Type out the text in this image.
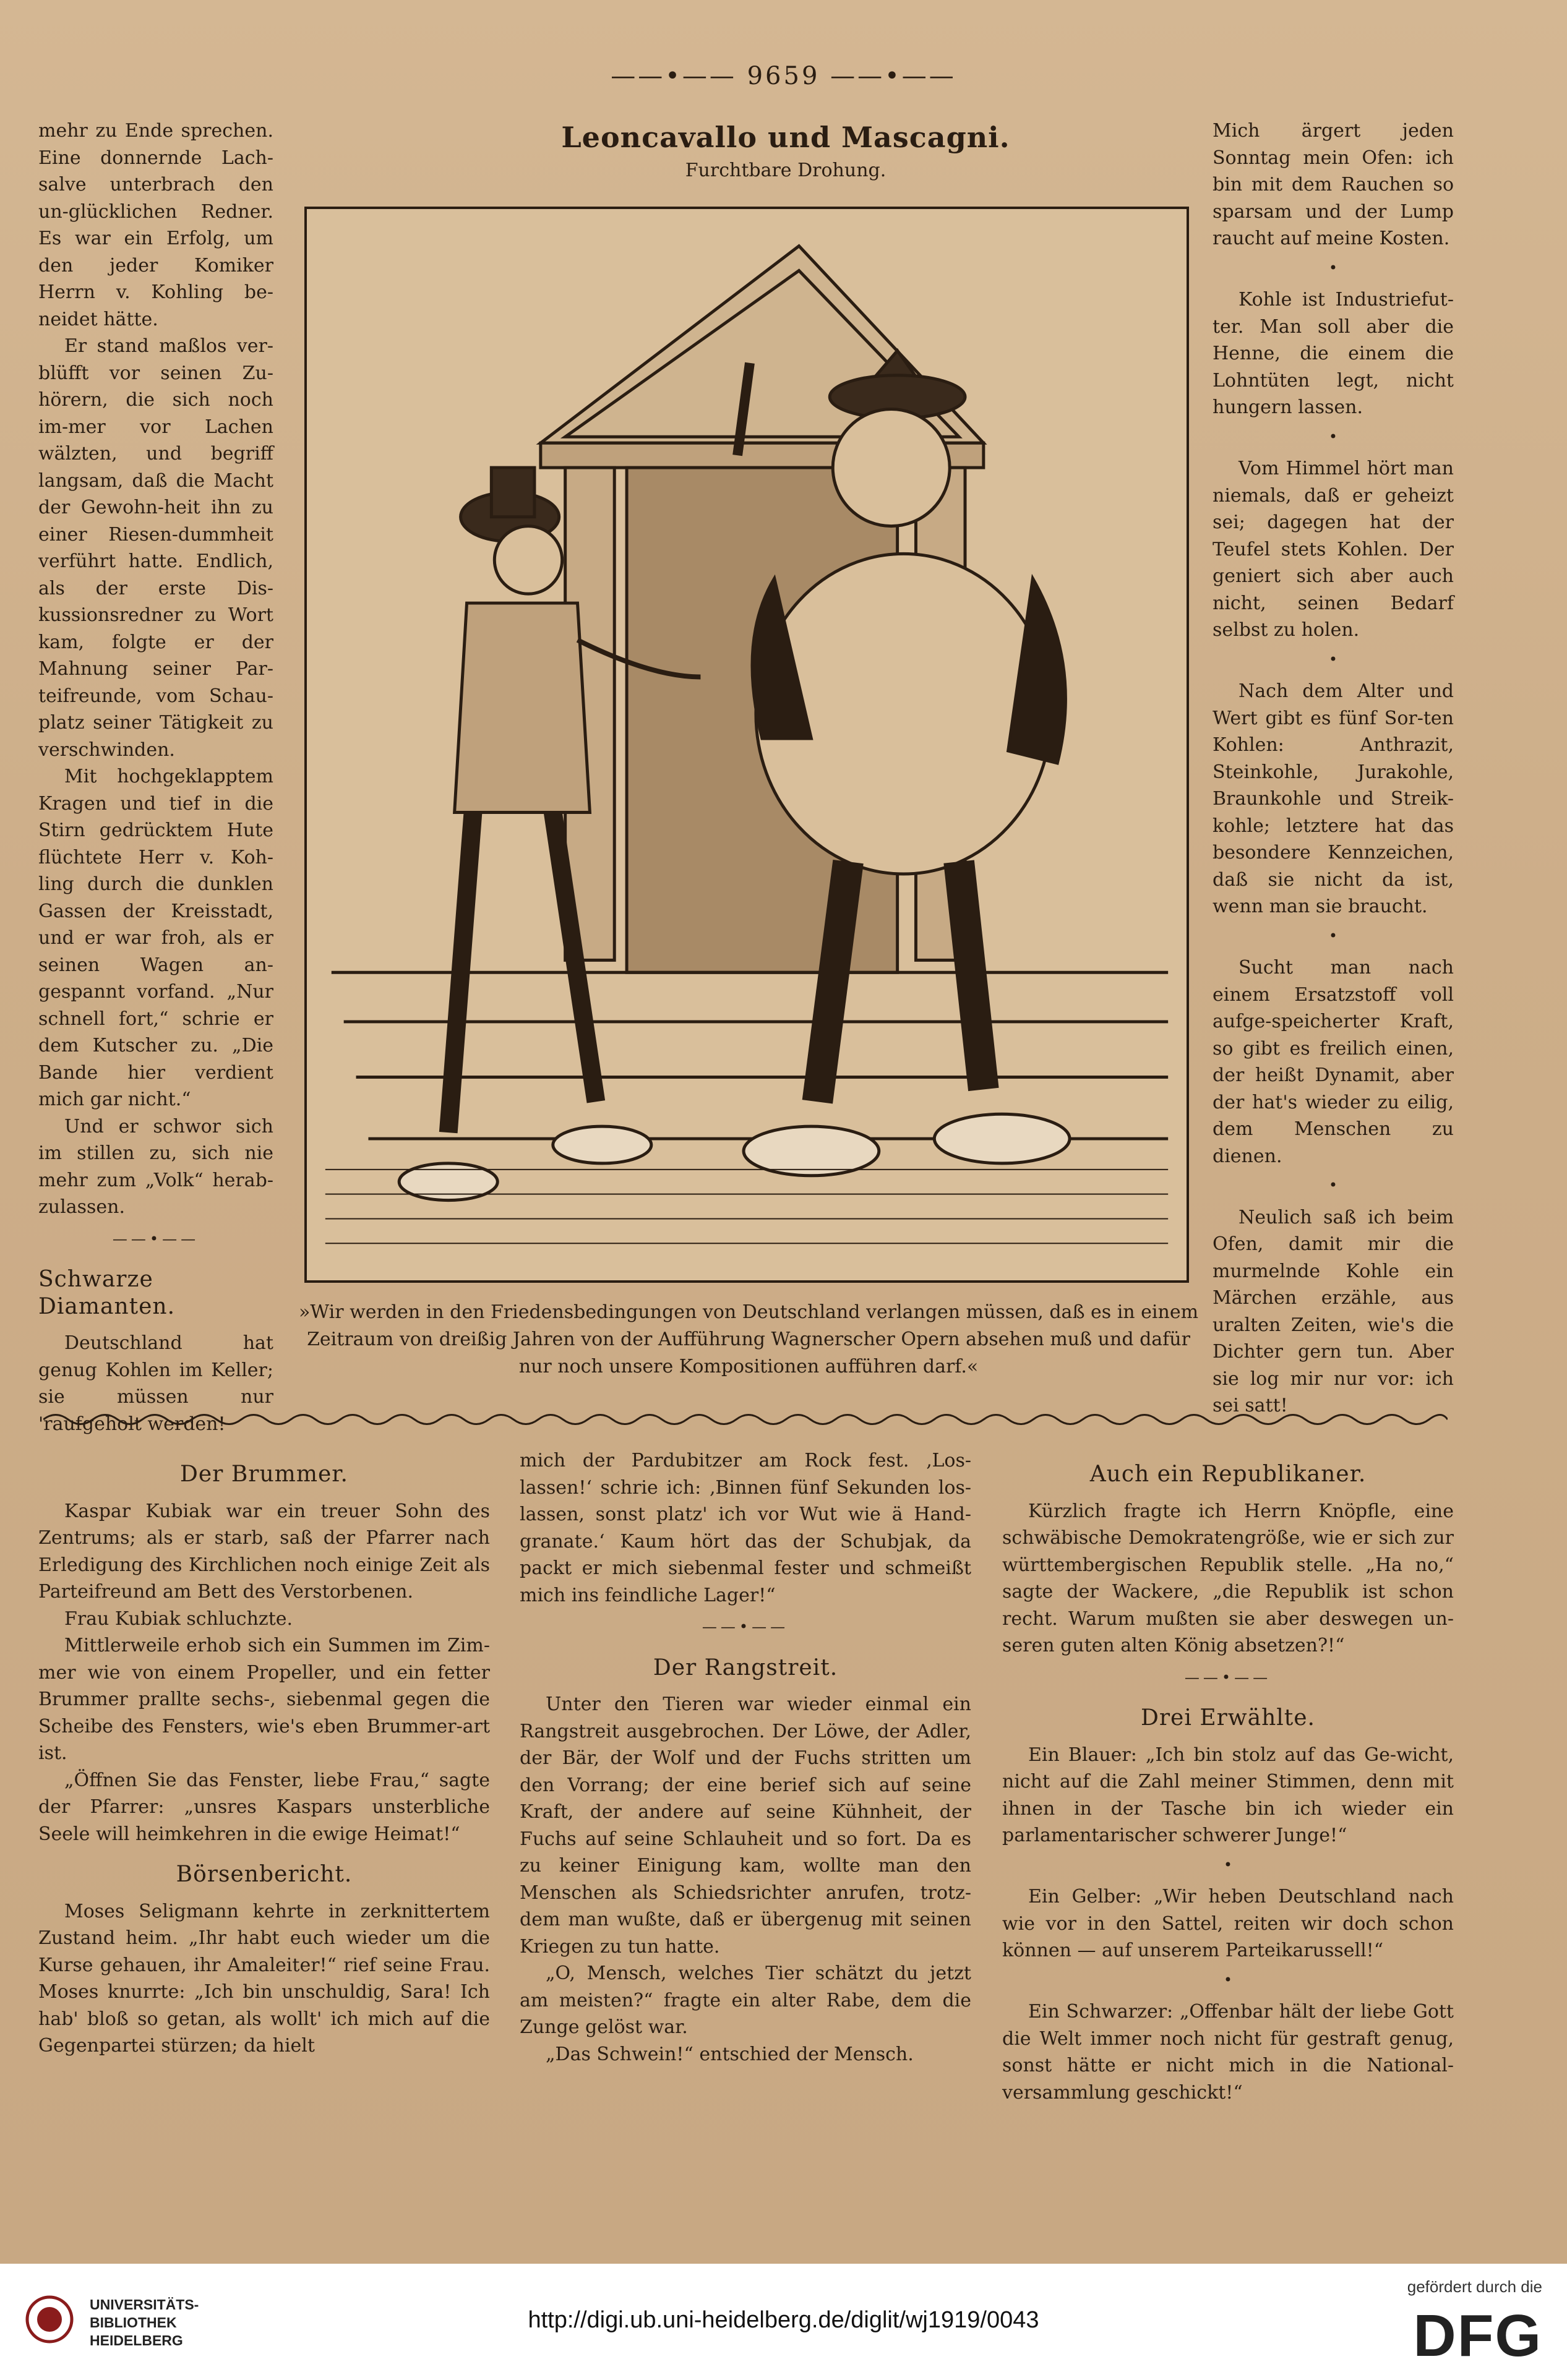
——•—— 9659 ——•——

mehr zu Ende sprechen. Eine donnernde Lach-salve unterbrach den un-glücklichen Redner. Es war ein Erfolg, um den jeder Komiker Herrn v. Kohling be-neidet hätte.

Er stand maßlos ver-blüfft vor seinen Zu-hörern, die sich noch im-mer vor Lachen wälzten, und begriff langsam, daß die Macht der Gewohn-heit ihn zu einer Riesen-dummheit verführt hatte. Endlich, als der erste Dis-kussionsredner zu Wort kam, folgte er der Mahnung seiner Par-teifreunde, vom Schau-platz seiner Tätigkeit zu verschwinden.

Mit hochgeklapptem Kragen und tief in die Stirn gedrücktem Hute flüchtete Herr v. Koh-ling durch die dunklen Gassen der Kreisstadt, und er war froh, als er seinen Wagen an-gespannt vorfand. „Nur schnell fort,“ schrie er dem Kutscher zu. „Die Bande hier verdient mich gar nicht.“

Und er schwor sich im stillen zu, sich nie mehr zum „Volk“ herab-zulassen.

——•——
Schwarze Diamanten.

Deutschland hat genug Kohlen im Keller; sie müssen nur 'raufgeholt werden!

Leoncavallo und Mascagni.
Furchtbare Drohung.
»Wir werden in den Friedensbedingungen von Deutschland verlangen müssen, daß es in einem Zeitraum von dreißig Jahren von der Aufführung Wagnerscher Opern absehen muß und dafür nur noch unsere Kompositionen aufführen darf.«

Mich ärgert jeden Sonntag mein Ofen: ich bin mit dem Rauchen so sparsam und der Lump raucht auf meine Kosten.

•

Kohle ist Industriefut-ter. Man soll aber die Henne, die einem die Lohntüten legt, nicht hungern lassen.

•

Vom Himmel hört man niemals, daß er geheizt sei; dagegen hat der Teufel stets Kohlen. Der geniert sich aber auch nicht, seinen Bedarf selbst zu holen.

•

Nach dem Alter und Wert gibt es fünf Sor-ten Kohlen: Anthrazit, Steinkohle, Jurakohle, Braunkohle und Streik-kohle; letztere hat das besondere Kennzeichen, daß sie nicht da ist, wenn man sie braucht.

•

Sucht man nach einem Ersatzstoff voll aufge-speicherter Kraft, so gibt es freilich einen, der heißt Dynamit, aber der hat's wieder zu eilig, dem Menschen zu dienen.

•

Neulich saß ich beim Ofen, damit mir die murmelnde Kohle ein Märchen erzähle, aus uralten Zeiten, wie's die Dichter gern tun. Aber sie log mir nur vor: ich sei satt!

Der Brummer.

Kaspar Kubiak war ein treuer Sohn des Zentrums; als er starb, saß der Pfarrer nach Erledigung des Kirchlichen noch einige Zeit als Parteifreund am Bett des Verstorbenen.

Frau Kubiak schluchzte.

Mittlerweile erhob sich ein Summen im Zim-mer wie von einem Propeller, und ein fetter Brummer prallte sechs-, siebenmal gegen die Scheibe des Fensters, wie's eben Brummer-art ist.

„Öffnen Sie das Fenster, liebe Frau,“ sagte der Pfarrer: „unsres Kaspars unsterbliche Seele will heimkehren in die ewige Heimat!“

Börsenbericht.

Moses Seligmann kehrte in zerknittertem Zustand heim. „Ihr habt euch wieder um die Kurse gehauen, ihr Amaleiter!“ rief seine Frau. Moses knurrte: „Ich bin unschuldig, Sara! Ich hab' bloß so getan, als wollt' ich mich auf die Gegenpartei stürzen; da hielt

mich der Pardubitzer am Rock fest. ‚Los-lassen!‘ schrie ich: ‚Binnen fünf Sekunden los-lassen, sonst platz' ich vor Wut wie ä Hand-granate.‘ Kaum hört das der Schubjak, da packt er mich siebenmal fester und schmeißt mich ins feindliche Lager!“

——•——
Der Rangstreit.

Unter den Tieren war wieder einmal ein Rangstreit ausgebrochen. Der Löwe, der Adler, der Bär, der Wolf und der Fuchs stritten um den Vorrang; der eine berief sich auf seine Kraft, der andere auf seine Kühnheit, der Fuchs auf seine Schlauheit und so fort. Da es zu keiner Einigung kam, wollte man den Menschen als Schiedsrichter anrufen, trotz-dem man wußte, daß er übergenug mit seinen Kriegen zu tun hatte.

„O, Mensch, welches Tier schätzt du jetzt am meisten?“ fragte ein alter Rabe, dem die Zunge gelöst war.

„Das Schwein!“ entschied der Mensch.

Auch ein Republikaner.

Kürzlich fragte ich Herrn Knöpfle, eine schwäbische Demokratengröße, wie er sich zur württembergischen Republik stelle. „Ha no,“ sagte der Wackere, „die Republik ist schon recht. Warum mußten sie aber deswegen un-seren guten alten König absetzen?!“

——•——
Drei Erwählte.

Ein Blauer: „Ich bin stolz auf das Ge-wicht, nicht auf die Zahl meiner Stimmen, denn mit ihnen in der Tasche bin ich wieder ein parlamentarischer schwerer Junge!“

•

Ein Gelber: „Wir heben Deutschland nach wie vor in den Sattel, reiten wir doch schon können — auf unserem Parteikarussell!“

•

Ein Schwarzer: „Offenbar hält der liebe Gott die Welt immer noch nicht für gestraft genug, sonst hätte er nicht mich in die National-versammlung geschickt!“

UNIVERSITÄTS-
BIBLIOTHEK
HEIDELBERG
http://digi.ub.uni-heidelberg.de/diglit/wj1919/0043
gefördert durch die
DFG
